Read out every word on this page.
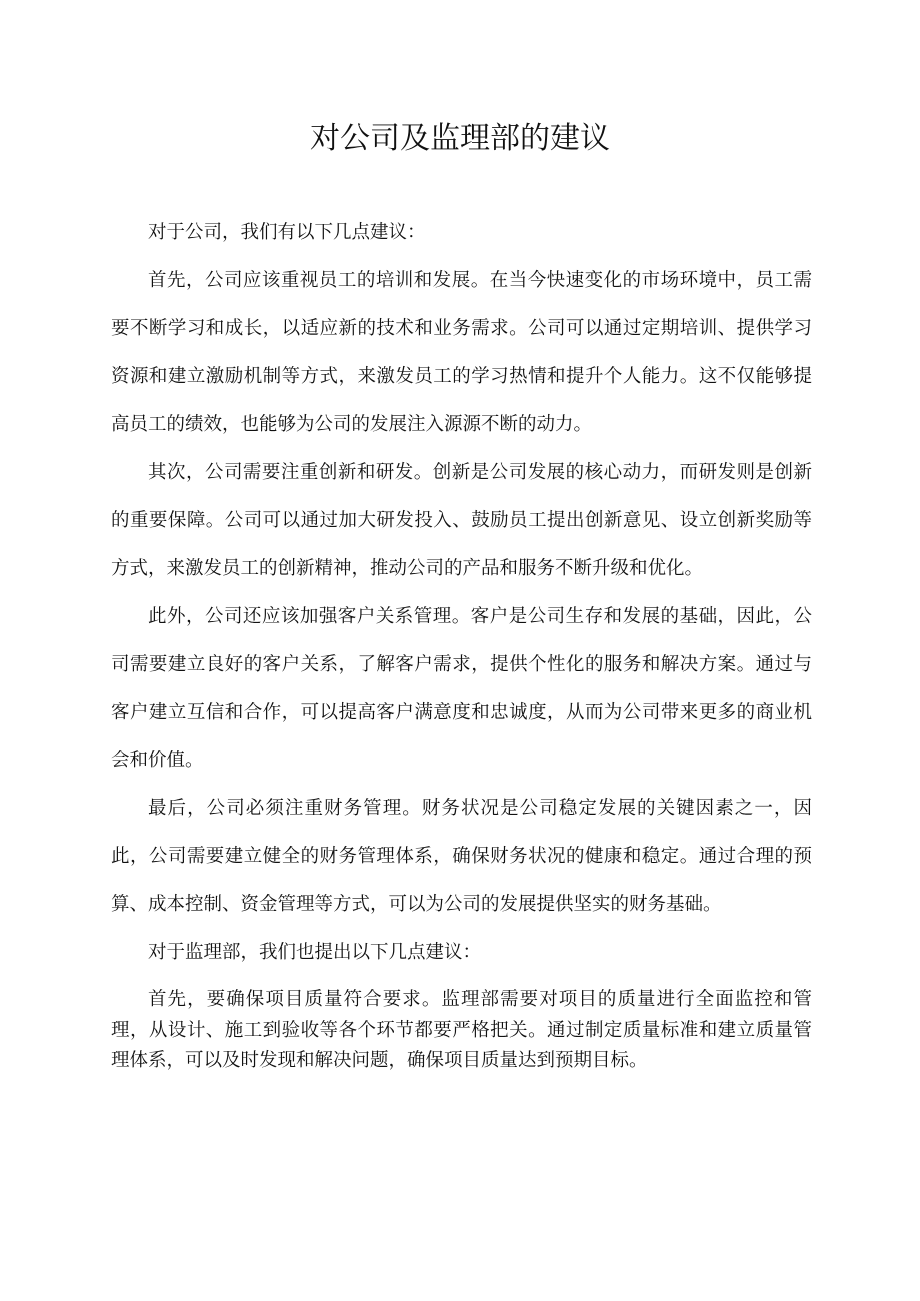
对公司及监理部的建议

对于公司，我们有以下几点建议：

首先，公司应该重视员工的培训和发展。在当今快速变化的市场环境中，员工需要不断学习和成长，以适应新的技术和业务需求。公司可以通过定期培训、提供学习资源和建立激励机制等方式，来激发员工的学习热情和提升个人能力。这不仅能够提高员工的绩效，也能够为公司的发展注入源源不断的动力。

其次，公司需要注重创新和研发。创新是公司发展的核心动力，而研发则是创新的重要保障。公司可以通过加大研发投入、鼓励员工提出创新意见、设立创新奖励等方式，来激发员工的创新精神，推动公司的产品和服务不断升级和优化。

此外，公司还应该加强客户关系管理。客户是公司生存和发展的基础，因此，公司需要建立良好的客户关系，了解客户需求，提供个性化的服务和解决方案。通过与客户建立互信和合作，可以提高客户满意度和忠诚度，从而为公司带来更多的商业机会和价值。

最后，公司必须注重财务管理。财务状况是公司稳定发展的关键因素之一，因此，公司需要建立健全的财务管理体系，确保财务状况的健康和稳定。通过合理的预算、成本控制、资金管理等方式，可以为公司的发展提供坚实的财务基础。

对于监理部，我们也提出以下几点建议：

首先，要确保项目质量符合要求。监理部需要对项目的质量进行全面监控和管理，从设计、施工到验收等各个环节都要严格把关。通过制定质量标准和建立质量管理体系，可以及时发现和解决问题，确保项目质量达到预期目标。
